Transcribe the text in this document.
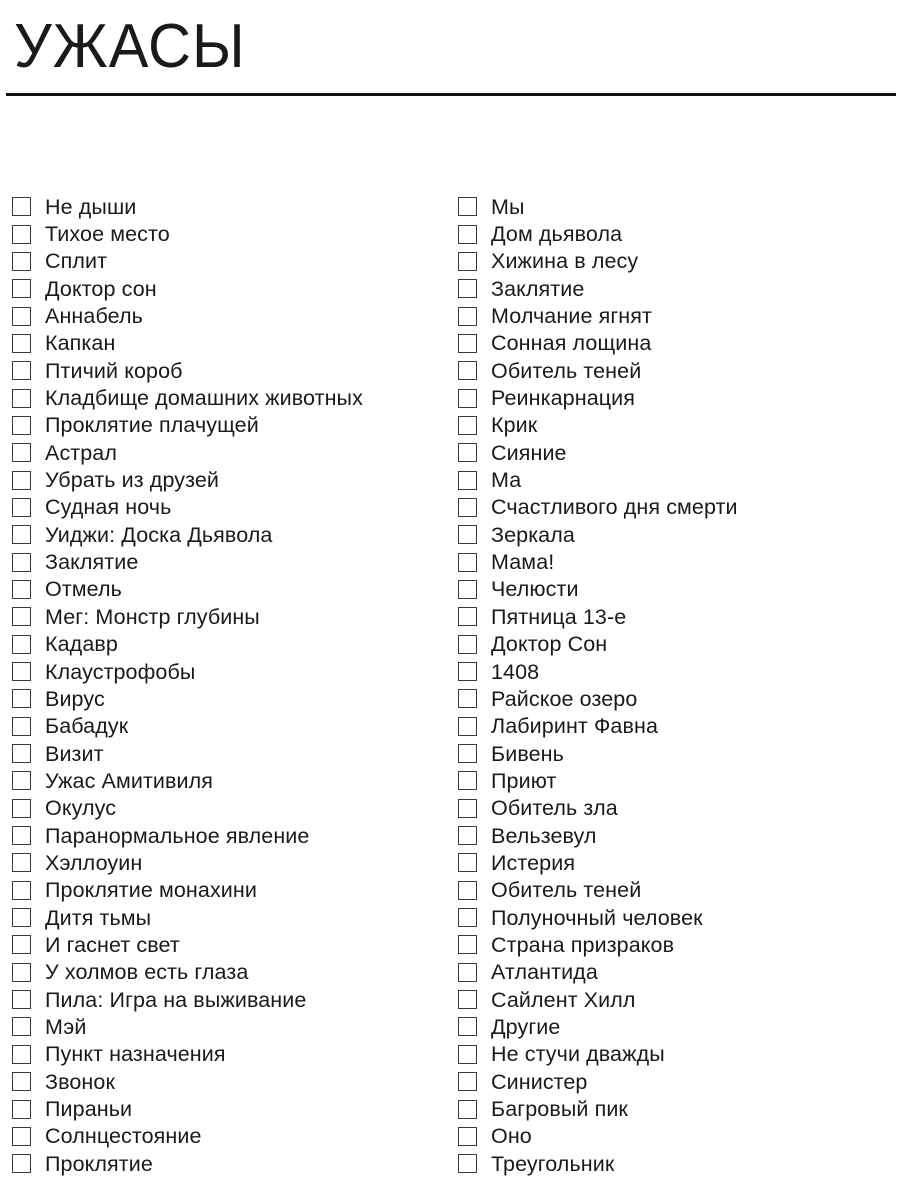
УЖАСЫ
Не дыши
Тихое место
Сплит
Доктор сон
Аннабель
Капкан
Птичий короб
Кладбище домашних животных
Проклятие плачущей
Астрал
Убрать из друзей
Судная ночь
Уиджи: Доска Дьявола
Заклятие
Отмель
Мег: Монстр глубины
Кадавр
Клаустрофобы
Вирус
Бабадук
Визит
Ужас Амитивиля
Окулус
Паранормальное явление
Хэллоуин
Проклятие монахини
Дитя тьмы
И гаснет свет
У холмов есть глаза
Пила: Игра на выживание
Мэй
Пункт назначения
Звонок
Пираньи
Солнцестояние
Проклятие
Мы
Дом дьявола
Хижина в лесу
Заклятие
Молчание ягнят
Сонная лощина
Обитель теней
Реинкарнация
Крик
Сияние
Ма
Счастливого дня смерти
Зеркала
Мама!
Челюсти
Пятница 13-е
Доктор Сон
1408
Райское озеро
Лабиринт Фавна
Бивень
Приют
Обитель зла
Вельзевул
Истерия
Обитель теней
Полуночный человек
Страна призраков
Атлантида
Сайлент Хилл
Другие
Не стучи дважды
Синистер
Багровый пик
Оно
Треугольник
